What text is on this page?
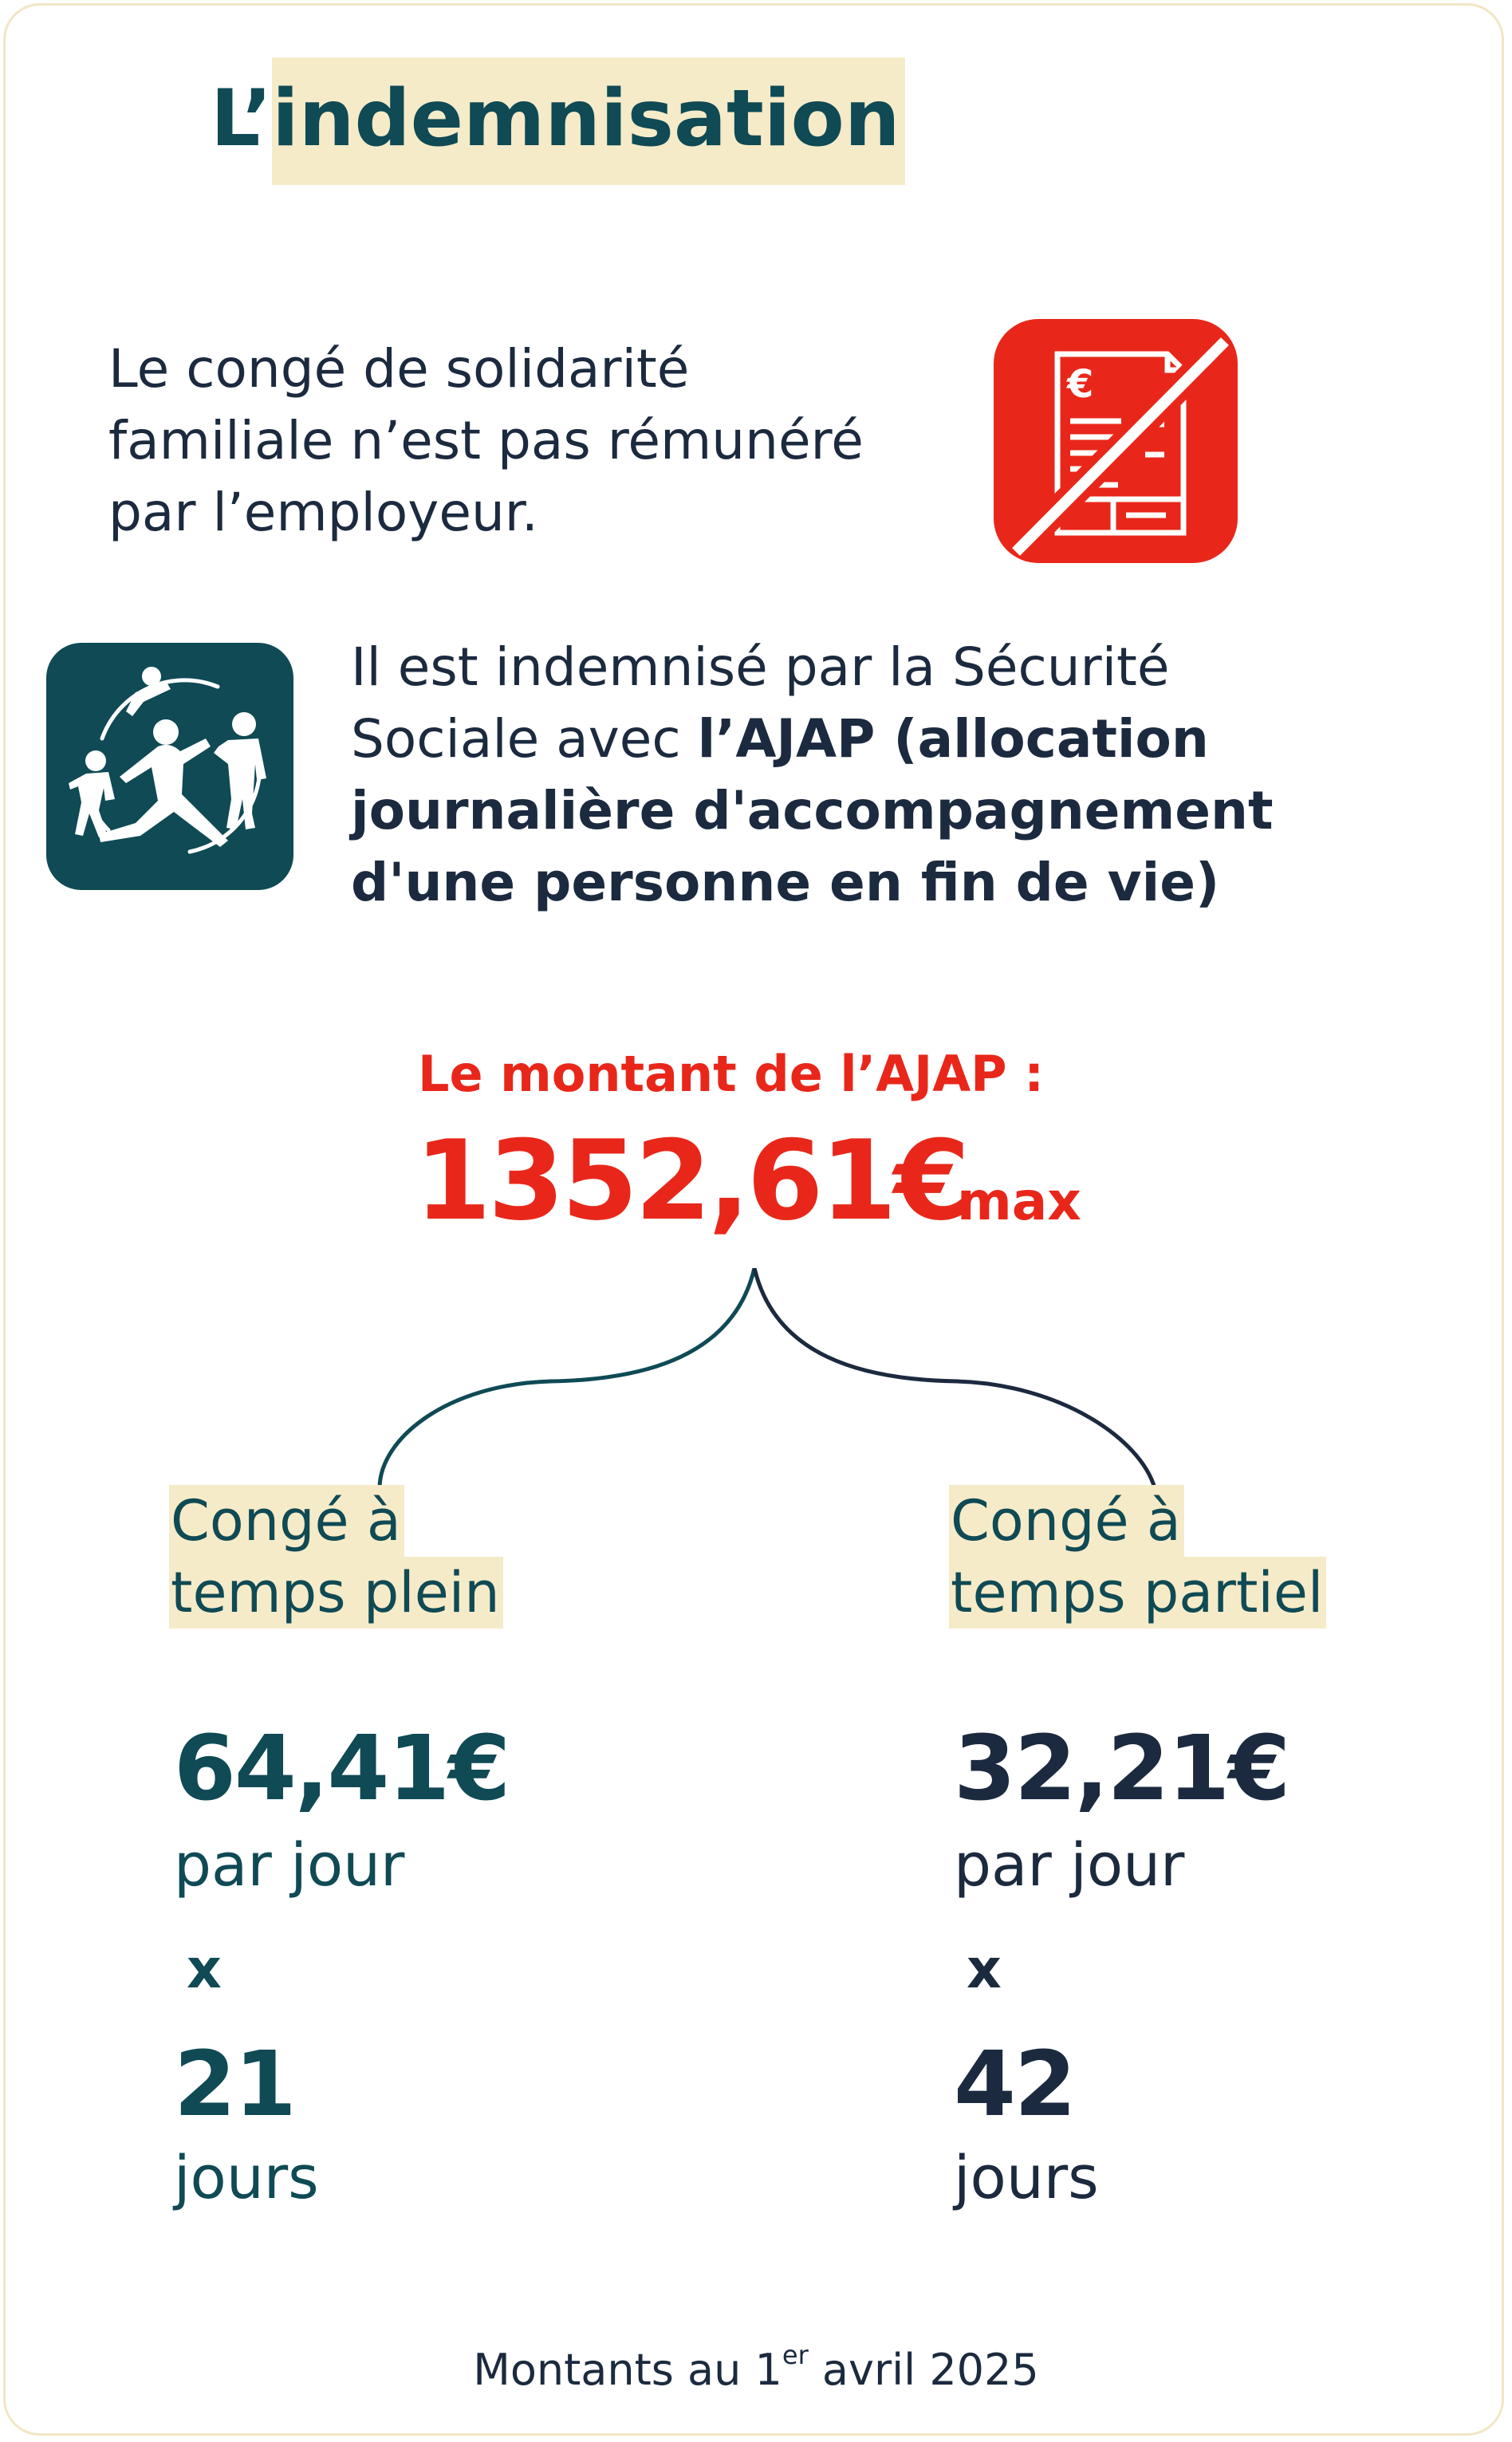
L’indemnisation
Le congé de solidarité
familiale n’est pas rémunéré
par l’employeur.
€
Il est indemnisé par la Sécurité
Sociale avec l’AJAP (allocation
journalière d'accompagnement
d'une personne en fin de vie)
Le montant de l’AJAP :
1352,61€
max
Congé à
temps plein
64,41€
par jour
x
21
jours
Congé à
temps partiel
32,21€
par jour
x
42
jours
Montants au 1er avril 2025
